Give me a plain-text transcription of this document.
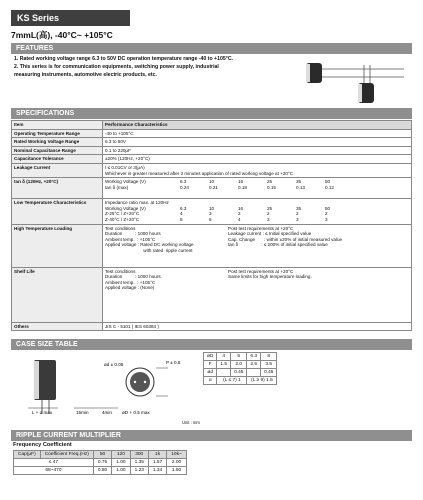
KS Series
7mmL(高), -40°C~ +105°C
FEATURES
1. Rated working voltage range 6.3 to 50V DC operation temperature range -40 to +105°C.
2. This series is for communication equipments, switching power supply, industrial
measuring instruments, automotive electric products, etc.
SPECIFICATIONS
Item	Performance Characteristics
Operating Temperature Range	-40 to +105°C
Rated Working Voltage Range	6.3 to 50V
Nominal Capacitance Range	0.1 to 220μF
Capacitance Tolerance	±20% (120Hz, +20°C)
Leakage Current	I ≤ 0.01CV or 3(μA)
Whichever is greater measured after 2 minutes application of rated working voltage at +20°C

tan δ (120Hz, +20°C)		Working Voltage (V)	6.3	10	16	25	35	50
tan δ (max)	0.24	0.21	0.18	0.15	0.13	0.12

Low Temperature Characteristics	Impedance ratio max. at 120Hz
Working Voltage (V)	6.3	10	16	25	35	50
Z-25°C / Z+20°C	4	3	2	2	2	2
Z-40°C / Z+20°C	8	6	4	3	3	3

High Temperature Loading	Test conditions
Duration          : 1000 hours
Ambient temp.  : +105°C
Applied voltage : Rated DC working voltage
with rated  ripple current
Post test requirements at +20°C
Leakage current : ≤ Initial specified value
Cap. Change       : within ±20% of initial measured value
tan δ                  : ≤ 200% of initial specified value

Shelf Life	Test conditions
Duration          : 1000 hours
Ambient temp.  : +105°C
Applied voltage : (None)
Post test requirements at +20°C
Same limits for high temperature loading.

Others	JIS C - 5101 ( IES 60384 )
CASE SIZE TABLE
ød ± 0.05	P ± 0.5
L + α max	15min	4min øD + 0.5 max
Unit : mm
øD	4	5	6.3	8
F	1.5	2.0	2.5	3.5
ød		0.45		0.45
α	(L ≤ 7) 1		(L ≥ 9) 1.5	
RIPPLE CURRENT MULTIPLIER
Frequency Coefficient
Cap(μF)	Coefficient Freq.(Hz)	50	120	300	1k	10k~
≤ 47		0.75	1.00	1.35	1.57	2.00
68~470		0.80	1.00	1.23	1.34	1.50
